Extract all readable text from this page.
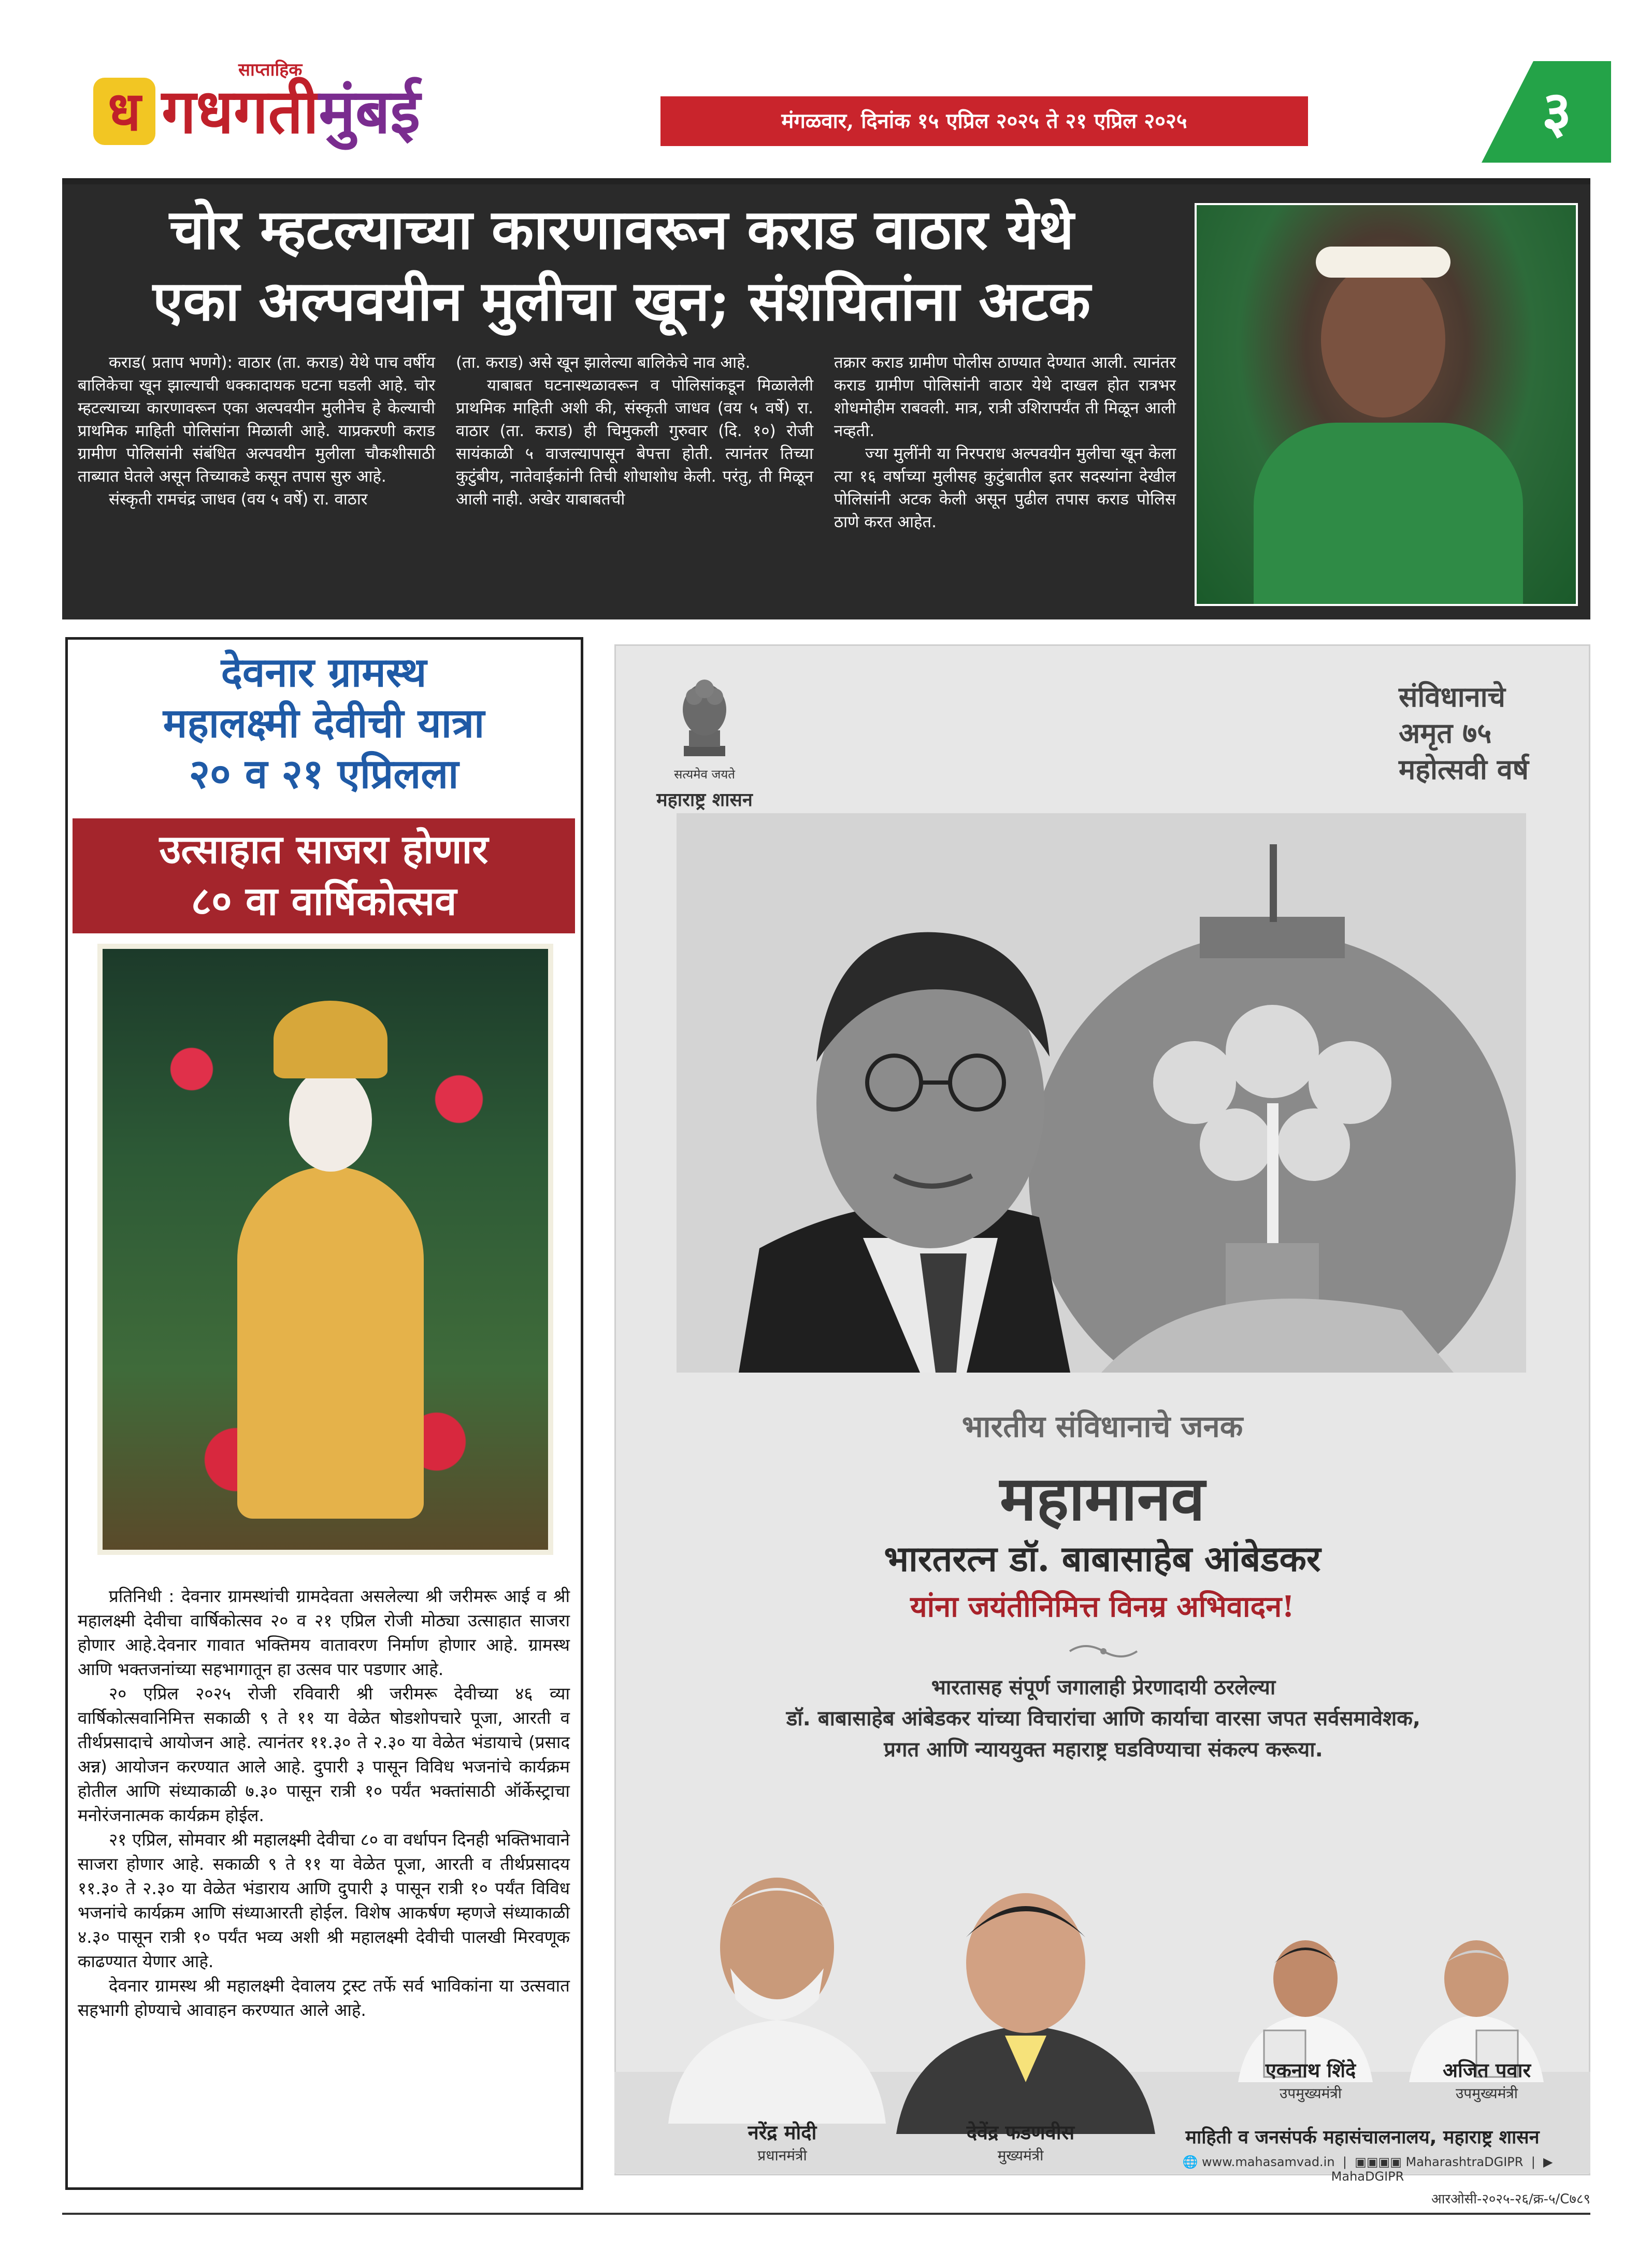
साप्ताहिक
ध गधगतीमुंबई	मंगळवार, दिनांक १५ एप्रिल २०२५ ते २१ एप्रिल २०२५	३
चोर म्हटल्याच्या कारणावरून कराड वाठार येथे
एका अल्पवयीन मुलीचा खून; संशयितांना अटक

कराड( प्रताप भणगे): वाठार (ता. कराड) येथे पाच वर्षीय बालिकेचा खून झाल्याची धक्कादायक घटना घडली आहे. चोर म्हटल्याच्या कारणावरून एका अल्पवयीन मुलीनेच हे केल्याची प्राथमिक माहिती पोलिसांना मिळाली आहे. याप्रकरणी कराड ग्रामीण पोलिसांनी संबंधित अल्पवयीन मुलीला चौकशीसाठी ताब्यात घेतले असून तिच्याकडे कसून तपास सुरु आहे.

संस्कृती रामचंद्र जाधव (वय ५ वर्षे) रा. वाठार

(ता. कराड) असे खून झालेल्या बालिकेचे नाव आहे.

याबाबत घटनास्थळावरून व पोलिसांकडून मिळालेली प्राथमिक माहिती अशी की, संस्कृती जाधव (वय ५ वर्षे) रा. वाठार (ता. कराड) ही चिमुकली गुरुवार (दि. १०) रोजी सायंकाळी ५ वाजल्यापासून बेपत्ता होती. त्यानंतर तिच्या कुटुंबीय, नातेवाईकांनी तिची शोधाशोध केली. परंतु, ती मिळून आली नाही. अखेर याबाबतची

तक्रार कराड ग्रामीण पोलीस ठाण्यात देण्यात आली. त्यानंतर कराड ग्रामीण पोलिसांनी वाठार येथे दाखल होत रात्रभर शोधमोहीम राबवली. मात्र, रात्री उशिरापर्यंत ती मिळून आली नव्हती.

ज्या मुलींनी या निरपराध अल्पवयीन मुलीचा खून केला त्या १६ वर्षाच्या मुलीसह कुटुंबातील इतर सदस्यांना देखील पोलिसांनी अटक केली असून पुढील तपास कराड पोलिस ठाणे करत आहेत.

देवनार ग्रामस्थ
महालक्ष्मी देवीची यात्रा
२० व २१ एप्रिलला
उत्साहात साजरा होणार
८० वा वार्षिकोत्सव

प्रतिनिधी : देवनार ग्रामस्थांची ग्रामदेवता असलेल्या श्री जरीमरू आई व श्री महालक्ष्मी देवीचा वार्षिकोत्सव २० व २१ एप्रिल रोजी मोठ्या उत्साहात साजरा होणार आहे.देवनार गावात भक्तिमय वातावरण निर्माण होणार आहे. ग्रामस्थ आणि भक्तजनांच्या सहभागातून हा उत्सव पार पडणार आहे.

२० एप्रिल २०२५ रोजी रविवारी श्री जरीमरू देवीच्या ४६ व्या वार्षिकोत्सवानिमित्त सकाळी ९ ते ११ या वेळेत षोडशोपचारे पूजा, आरती व तीर्थप्रसादाचे आयोजन आहे. त्यानंतर ११.३० ते २.३० या वेळेत भंडायाचे (प्रसाद अन्न) आयोजन करण्यात आले आहे. दुपारी ३ पासून विविध भजनांचे कार्यक्रम होतील आणि संध्याकाळी ७.३० पासून रात्री १० पर्यंत भक्तांसाठी ऑर्केस्ट्राचा मनोरंजनात्मक कार्यक्रम होईल.

२१ एप्रिल, सोमवार श्री महालक्ष्मी देवीचा ८० वा वर्धापन दिनही भक्तिभावाने साजरा होणार आहे. सकाळी ९ ते ११ या वेळेत पूजा, आरती व तीर्थप्रसादय ११.३० ते २.३० या वेळेत भंडाराय आणि दुपारी ३ पासून रात्री १० पर्यंत विविध भजनांचे कार्यक्रम आणि संध्याआरती होईल. विशेष आकर्षण म्हणजे संध्याकाळी ४.३० पासून रात्री १० पर्यंत भव्य अशी श्री महालक्ष्मी देवीची पालखी मिरवणूक काढण्यात येणार आहे.

देवनार ग्रामस्थ श्री महालक्ष्मी देवालय ट्रस्ट तर्फे सर्व भाविकांना या उत्सवात सहभागी होण्याचे आवाहन करण्यात आले आहे.

सत्यमेव जयते
महाराष्ट्र शासन
संविधानाचे
अमृत ७५
महोत्सवी वर्ष
भारतीय संविधानाचे जनक
महामानव
भारतरत्न डॉ. बाबासाहेब आंबेडकर
यांना जयंतीनिमित्त विनम्र अभिवादन!
भारतासह संपूर्ण जगालाही प्रेरणादायी ठरलेल्या
डॉ. बाबासाहेब आंबेडकर यांच्या विचारांचा आणि कार्याचा वारसा जपत सर्वसमावेशक,
प्रगत आणि न्याययुक्त महाराष्ट्र घडविण्याचा संकल्प करूया.
नरेंद्र मोदी
प्रधानमंत्री
देवेंद्र फडणवीस
मुख्यमंत्री
एकनाथ शिंदे
उपमुख्यमंत्री
अजित पवार
उपमुख्यमंत्री
माहिती व जनसंपर्क महासंचालनालय, महाराष्ट्र शासन
🌐 www.mahasamvad.in  |  ▣▣▣▣ MaharashtraDGIPR  |  ▶ MahaDGIPR
आरओसी-२०२५-२६/क्र-५/C७८९
